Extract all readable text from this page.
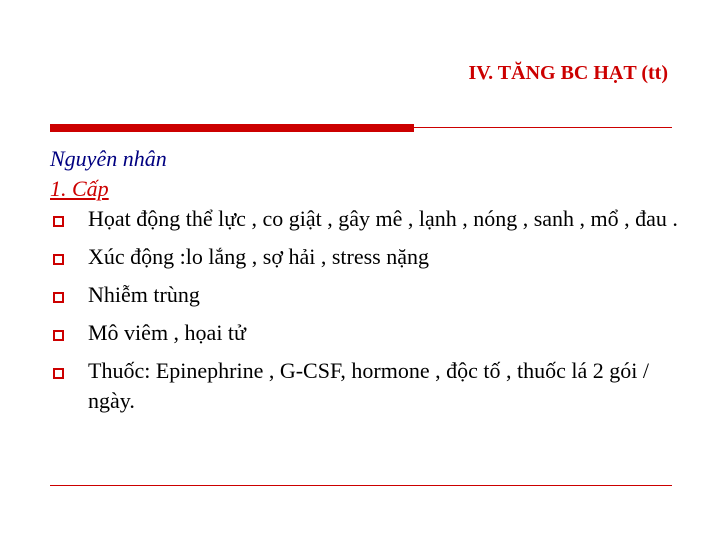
IV. TĂNG BC HẠT (tt)

Nguyên nhân

1. Cấp

Họat động thể lực , co giật , gây mê , lạnh , nóng , sanh , mổ , đau .
Xúc động :lo lắng , sợ hải , stress nặng
Nhiễm trùng
Mô viêm , họai tử
Thuốc: Epinephrine , G-CSF, hormone , độc tố , thuốc lá 2 gói / ngày.
